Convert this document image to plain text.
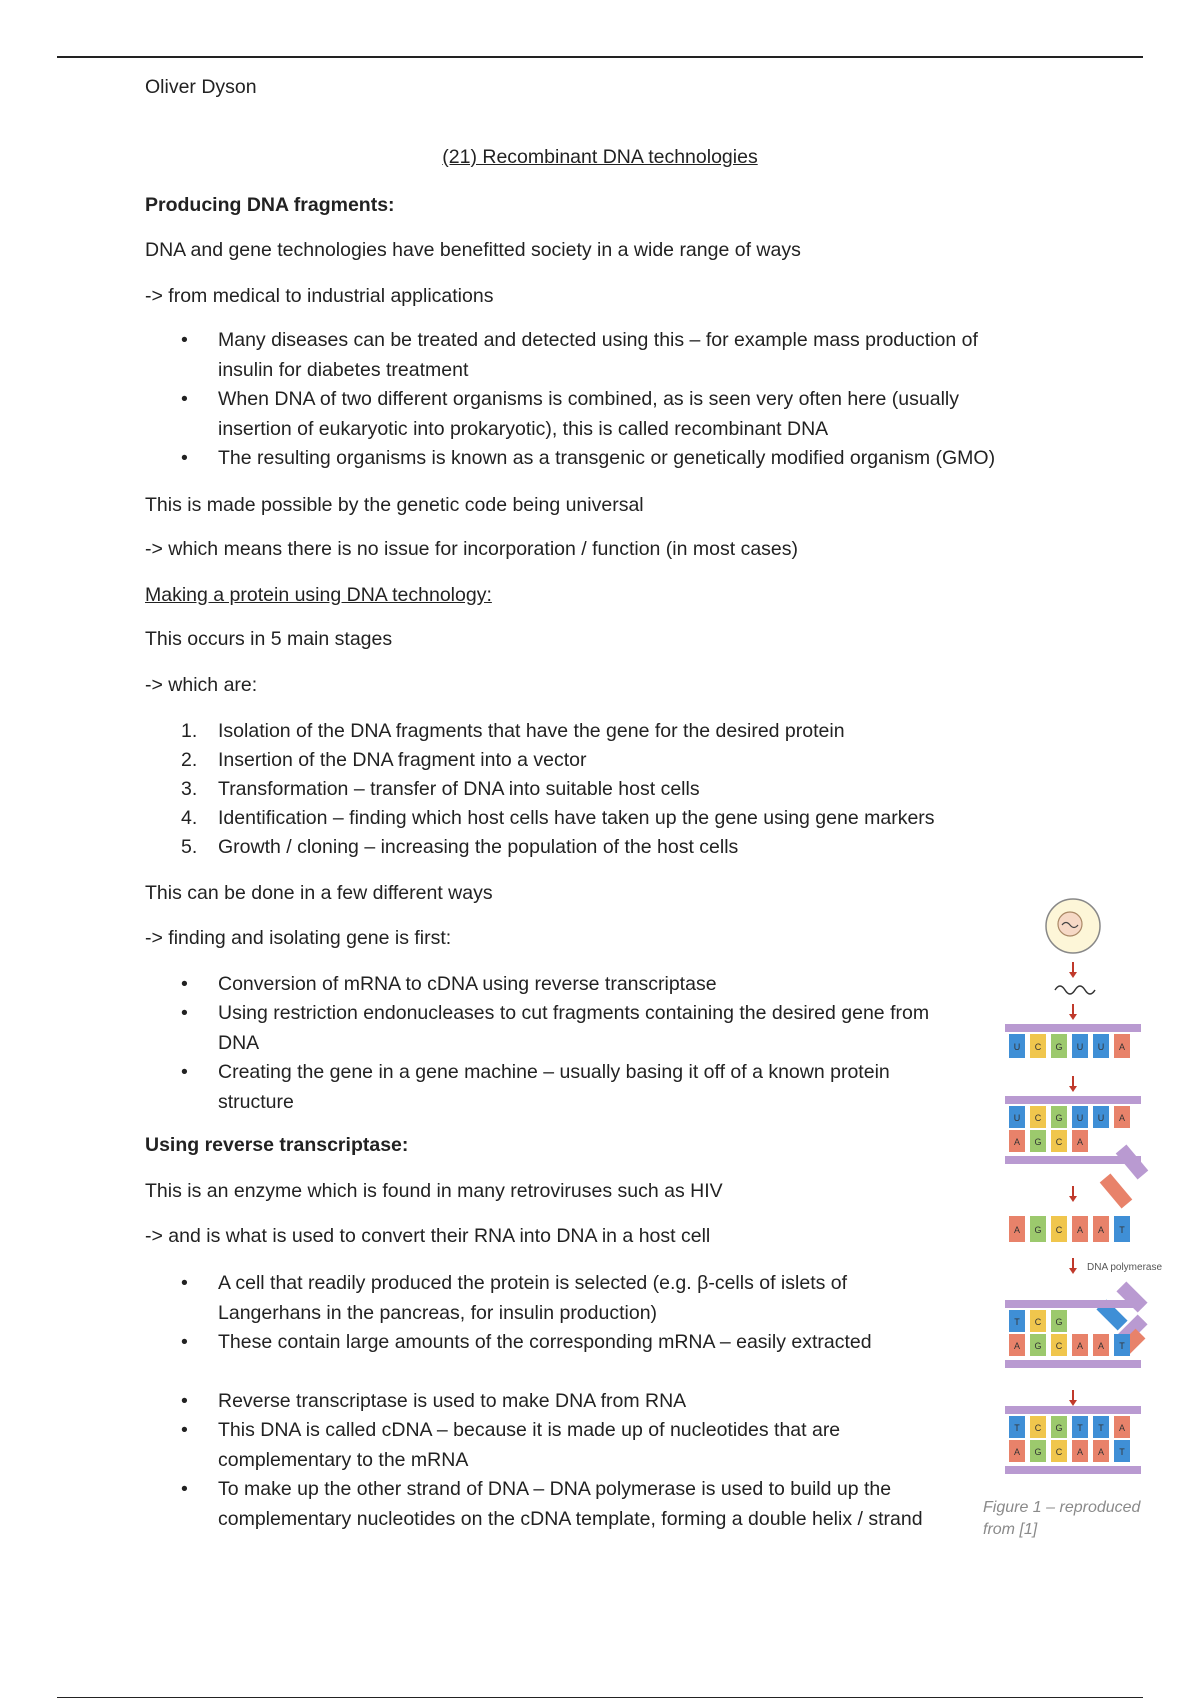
Oliver Dyson
(21) Recombinant DNA technologies
Producing DNA fragments:
DNA and gene technologies have benefitted society in a wide range of ways
-> from medical to industrial applications
•	Many diseases can be treated and detected using this – for example mass production of insulin for diabetes treatment
•	When DNA of two different organisms is combined, as is seen very often here (usually insertion of eukaryotic into prokaryotic), this is called recombinant DNA
•	The resulting organisms is known as a transgenic or genetically modified organism (GMO)
This is made possible by the genetic code being universal
-> which means there is no issue for incorporation / function (in most cases)
Making a protein using DNA technology:
This occurs in 5 main stages
-> which are:
1.	Isolation of the DNA fragments that have the gene for the desired protein
2.	Insertion of the DNA fragment into a vector
3.	Transformation – transfer of DNA into suitable host cells
4.	Identification – finding which host cells have taken up the gene using gene markers
5.	Growth / cloning – increasing the population of the host cells
This can be done in a few different ways
-> finding and isolating gene is first:
•	Conversion of mRNA to cDNA using reverse transcriptase
•	Using restriction endonucleases to cut fragments containing the desired gene from DNA
•	Creating the gene in a gene machine – usually basing it off of a known protein structure
Using reverse transcriptase:
This is an enzyme which is found in many retroviruses such as HIV
-> and is what is used to convert their RNA into DNA in a host cell
•	A cell that readily produced the protein is selected (e.g. β-cells of islets of Langerhans in the pancreas, for insulin production)
•	These contain large amounts of the corresponding mRNA – easily extracted
•	Reverse transcriptase is used to make DNA from RNA
•	This DNA is called cDNA – because it is made up of nucleotides that are complementary to the mRNA
•	To make up the other strand of DNA – DNA polymerase is used to build up the complementary nucleotides on the cDNA template, forming a double helix / strand
U C G U U A
U C G U U A
A G C A
A G C A A T
DNA polymerase
T C G
A G C A A T
T C G T T A
A G C A A T
Figure 1 – reproduced from [1]
